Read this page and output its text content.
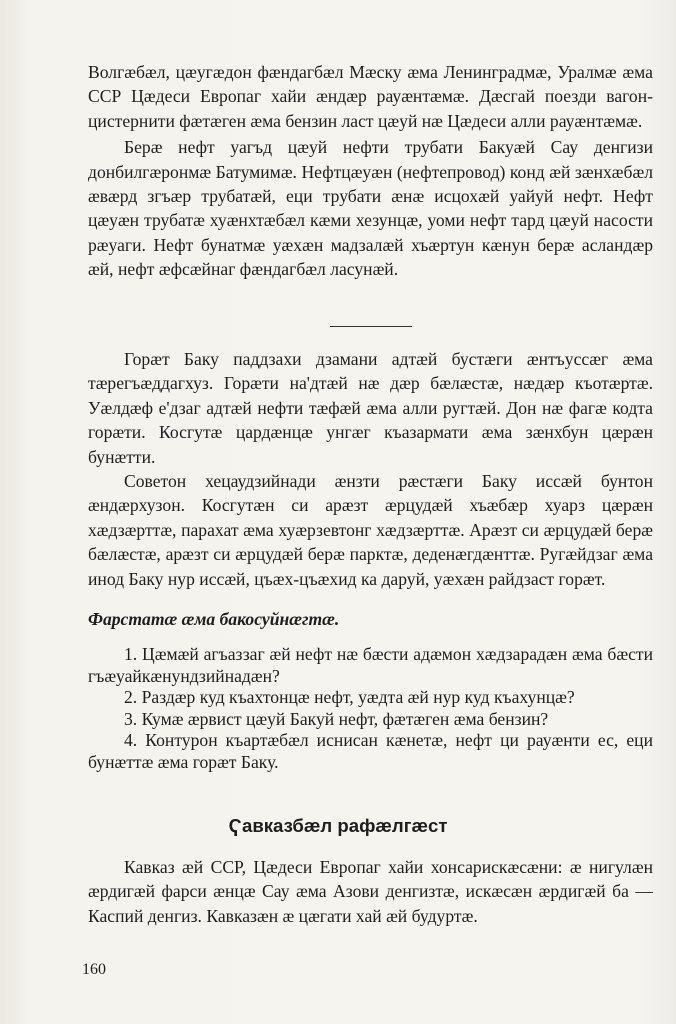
Волгæбæл, цæугæдон фæндагбæл Мæску æма Ленинградмæ, Уралмæ æма ССР Цæдеси Европаг хайи æндæр рауæнтæмæ. Дæсгай поезди вагон-цистернити фæтæген æма бензин ласт цæуй нæ Цæдеси алли рауæнтæмæ.

Берæ нефт уагъд цæуй нефти трубати Бакуæй Сау денгизи донбилгæронмæ Батумимæ. Нефтцæуæн (нефтепровод) конд æй зæнхæбæл æвæрд згъæр трубатæй, еци трубати æнæ исцохæй уайуй нефт. Нефт цæуæн трубатæ хуæнхтæбæл кæми хезунцæ, уоми нефт тард цæуй насости рæуаги. Нефт бунатмæ уæхæн мадзалæй хъæртун кæнун берæ асландæр æй, нефт æфсæйнаг фæндагбæл ласунæй.

Горæт Баку паддзахи дзамани адтæй бустæги æнтъуссæг æма тæрегъæддагхуз. Горæти на'дтæй нæ дæр бæлæстæ, нæдæр къотæртæ. Уæлдæф е'дзаг адтæй нефти тæфæй æма алли ругтæй. Дон нæ фагæ кодта горæти. Косгутæ цардæнцæ унгæг къазармати æма зæнхбун цæрæн бунæтти.

Советон хецаудзийнади æнзти рæстæги Баку иссæй бунтон æндæрхузон. Косгутæн си арæзт æрцудæй хъæбæр хуарз цæрæн хæдзæрттæ, парахат æма хуæрзевтонг хæдзæрттæ. Арæзт си æрцудæй берæ бæлæстæ, арæзт си æрцудæй берæ парктæ, деденæгдæнттæ. Ругæйдзаг æма инод Баку нур иссæй, цъæх-цъæхид ка даруй, уæхæн райдзаст горæт.

Фарстатæ æма бакосуйнæгтæ.

1. Цæмæй агъаззаг æй нефт нæ бæсти адæмон хæдзарадæн æма бæсти гъæуайкæнундзийнадæн?

2. Раздæр куд къахтонцæ нефт, уæдта æй нур куд къахунцæ?

3. Кумæ æрвист цæуй Бакуй нефт, фæтæген æма бензин?

4. Контурон къартæбæл иснисан кæнетæ, нефт ци рауæнти ес, еци бунæттæ æма горæт Баку.

Ҁавказбæл рафæлгæст

Кавказ æй ССР, Цæдеси Европаг хайи хонсарискæсæни: æ нигулæн æрдигæй фарси æнцæ Сау æма Азови денгизтæ, искæсæн æрдигæй ба — Каспий денгиз. Кавказæн æ цæгати хай æй будуртæ.

160
